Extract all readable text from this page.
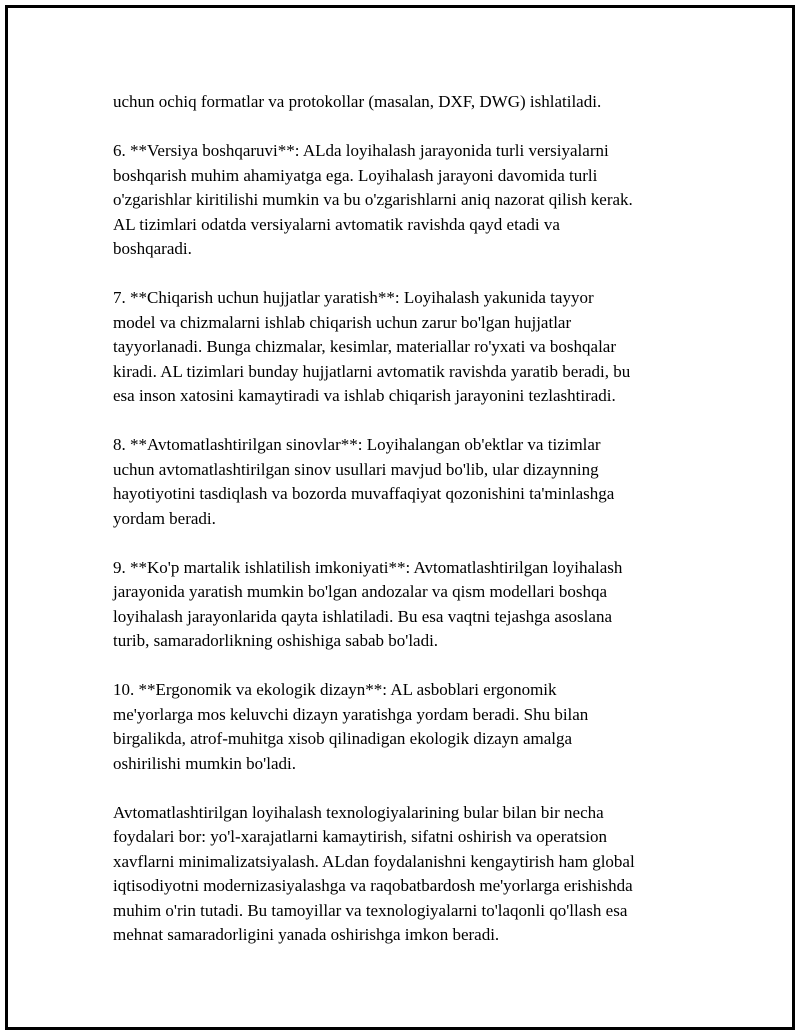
uchun ochiq formatlar va protokollar (masalan, DXF, DWG) ishlatiladi.

6. **Versiya boshqaruvi**: ALda loyihalash jarayonida turli versiyalarni
boshqarish muhim ahamiyatga ega. Loyihalash jarayoni davomida turli
o'zgarishlar kiritilishi mumkin va bu o'zgarishlarni aniq nazorat qilish kerak.
AL tizimlari odatda versiyalarni avtomatik ravishda qayd etadi va
boshqaradi.

7. **Chiqarish uchun hujjatlar yaratish**: Loyihalash yakunida tayyor
model va chizmalarni ishlab chiqarish uchun zarur bo'lgan hujjatlar
tayyorlanadi. Bunga chizmalar, kesimlar, materiallar ro'yxati va boshqalar
kiradi. AL tizimlari bunday hujjatlarni avtomatik ravishda yaratib beradi, bu
esa inson xatosini kamaytiradi va ishlab chiqarish jarayonini tezlashtiradi.

8. **Avtomatlashtirilgan sinovlar**: Loyihalangan ob'ektlar va tizimlar
uchun avtomatlashtirilgan sinov usullari mavjud bo'lib, ular dizaynning
hayotiyotini tasdiqlash va bozorda muvaffaqiyat qozonishini ta'minlashga
yordam beradi.

9. **Ko'p martalik ishlatilish imkoniyati**: Avtomatlashtirilgan loyihalash
jarayonida yaratish mumkin bo'lgan andozalar va qism modellari boshqa
loyihalash jarayonlarida qayta ishlatiladi. Bu esa vaqtni tejashga asoslana
turib, samaradorlikning oshishiga sabab bo'ladi.

10. **Ergonomik va ekologik dizayn**: AL asboblari ergonomik
me'yorlarga mos keluvchi dizayn yaratishga yordam beradi. Shu bilan
birgalikda, atrof-muhitga xisob qilinadigan ekologik dizayn amalga
oshirilishi mumkin bo'ladi.

Avtomatlashtirilgan loyihalash texnologiyalarining bular bilan bir necha
foydalari bor: yo'l-xarajatlarni kamaytirish, sifatni oshirish va operatsion
xavflarni minimalizatsiyalash. ALdan foydalanishni kengaytirish ham global
iqtisodiyotni modernizasiyalashga va raqobatbardosh me'yorlarga erishishda
muhim o'rin tutadi. Bu tamoyillar va texnologiyalarni to'laqonli qo'llash esa
mehnat samaradorligini yanada oshirishga imkon beradi.
